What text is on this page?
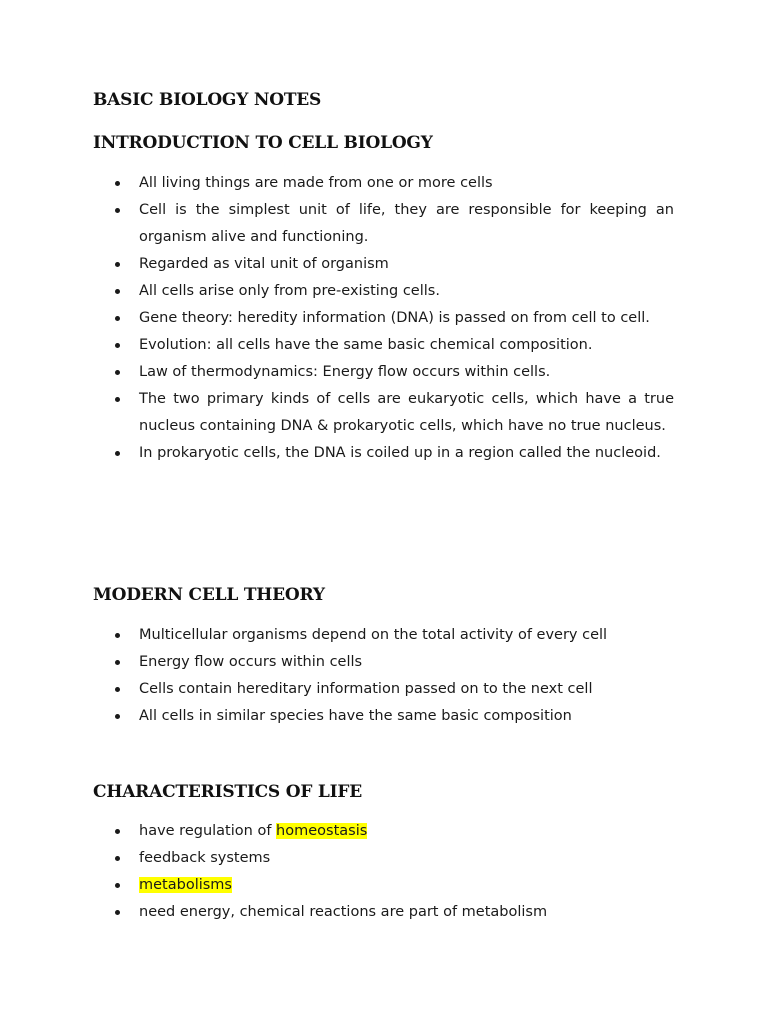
BASIC BIOLOGY NOTES
INTRODUCTION TO CELL BIOLOGY
All living things are made from one or more cells
Cell is the simplest unit of life, they are responsible for keeping an organism alive and functioning.
Regarded as vital unit of organism
All cells arise only from pre-existing cells.
Gene theory: heredity information (DNA) is passed on from cell to cell.
Evolution: all cells have the same basic chemical composition.
Law of thermodynamics: Energy flow occurs within cells.
The two primary kinds of cells are eukaryotic cells, which have a true nucleus containing DNA & prokaryotic cells, which have no true nucleus.
In prokaryotic cells, the DNA is coiled up in a region called the nucleoid.
MODERN CELL THEORY
Multicellular organisms depend on the total activity of every cell
Energy flow occurs within cells
Cells contain hereditary information passed on to the next cell
All cells in similar species have the same basic composition
CHARACTERISTICS OF LIFE
have regulation of homeostasis
feedback systems
metabolisms
need energy, chemical reactions are part of metabolism
